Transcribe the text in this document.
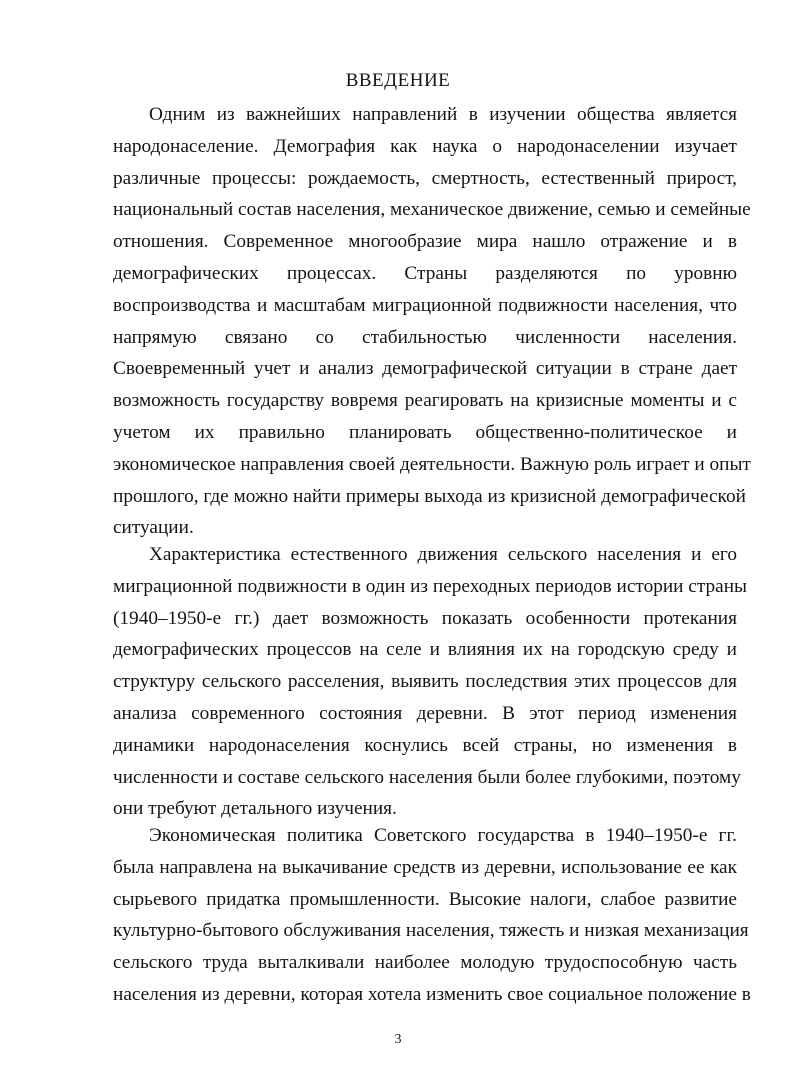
ВВЕДЕНИЕ
Одним из важнейших направлений в изучении общества является
народонаселение. Демография как наука о народонаселении изучает
различные процессы: рождаемость, смертность, естественный прирост,
национальный состав населения, механическое движение, семью и семейные
отношения. Современное многообразие мира нашло отражение и в
демографических процессах. Страны разделяются по уровню
воспроизводства и масштабам миграционной подвижности населения, что
напрямую связано со стабильностью численности населения.
Своевременный учет и анализ демографической ситуации в стране дает
возможность государству вовремя реагировать на кризисные моменты и с
учетом их правильно планировать общественно-политическое и
экономическое направления своей деятельности. Важную роль играет и опыт
прошлого, где можно найти примеры выхода из кризисной демографической
ситуации.
Характеристика естественного движения сельского населения и его
миграционной подвижности в один из переходных периодов истории страны
(1940–1950-е гг.) дает возможность показать особенности протекания
демографических процессов на селе и влияния их на городскую среду и
структуру сельского расселения, выявить последствия этих процессов для
анализа современного состояния деревни. В этот период изменения
динамики народонаселения коснулись всей страны, но изменения в
численности и составе сельского населения были более глубокими, поэтому
они требуют детального изучения.
Экономическая политика Советского государства в 1940–1950-е гг.
была направлена на выкачивание средств из деревни, использование ее как
сырьевого придатка промышленности. Высокие налоги, слабое развитие
культурно-бытового обслуживания населения, тяжесть и низкая механизация
сельского труда выталкивали наиболее молодую трудоспособную часть
населения из деревни, которая хотела изменить свое социальное положение в
3
